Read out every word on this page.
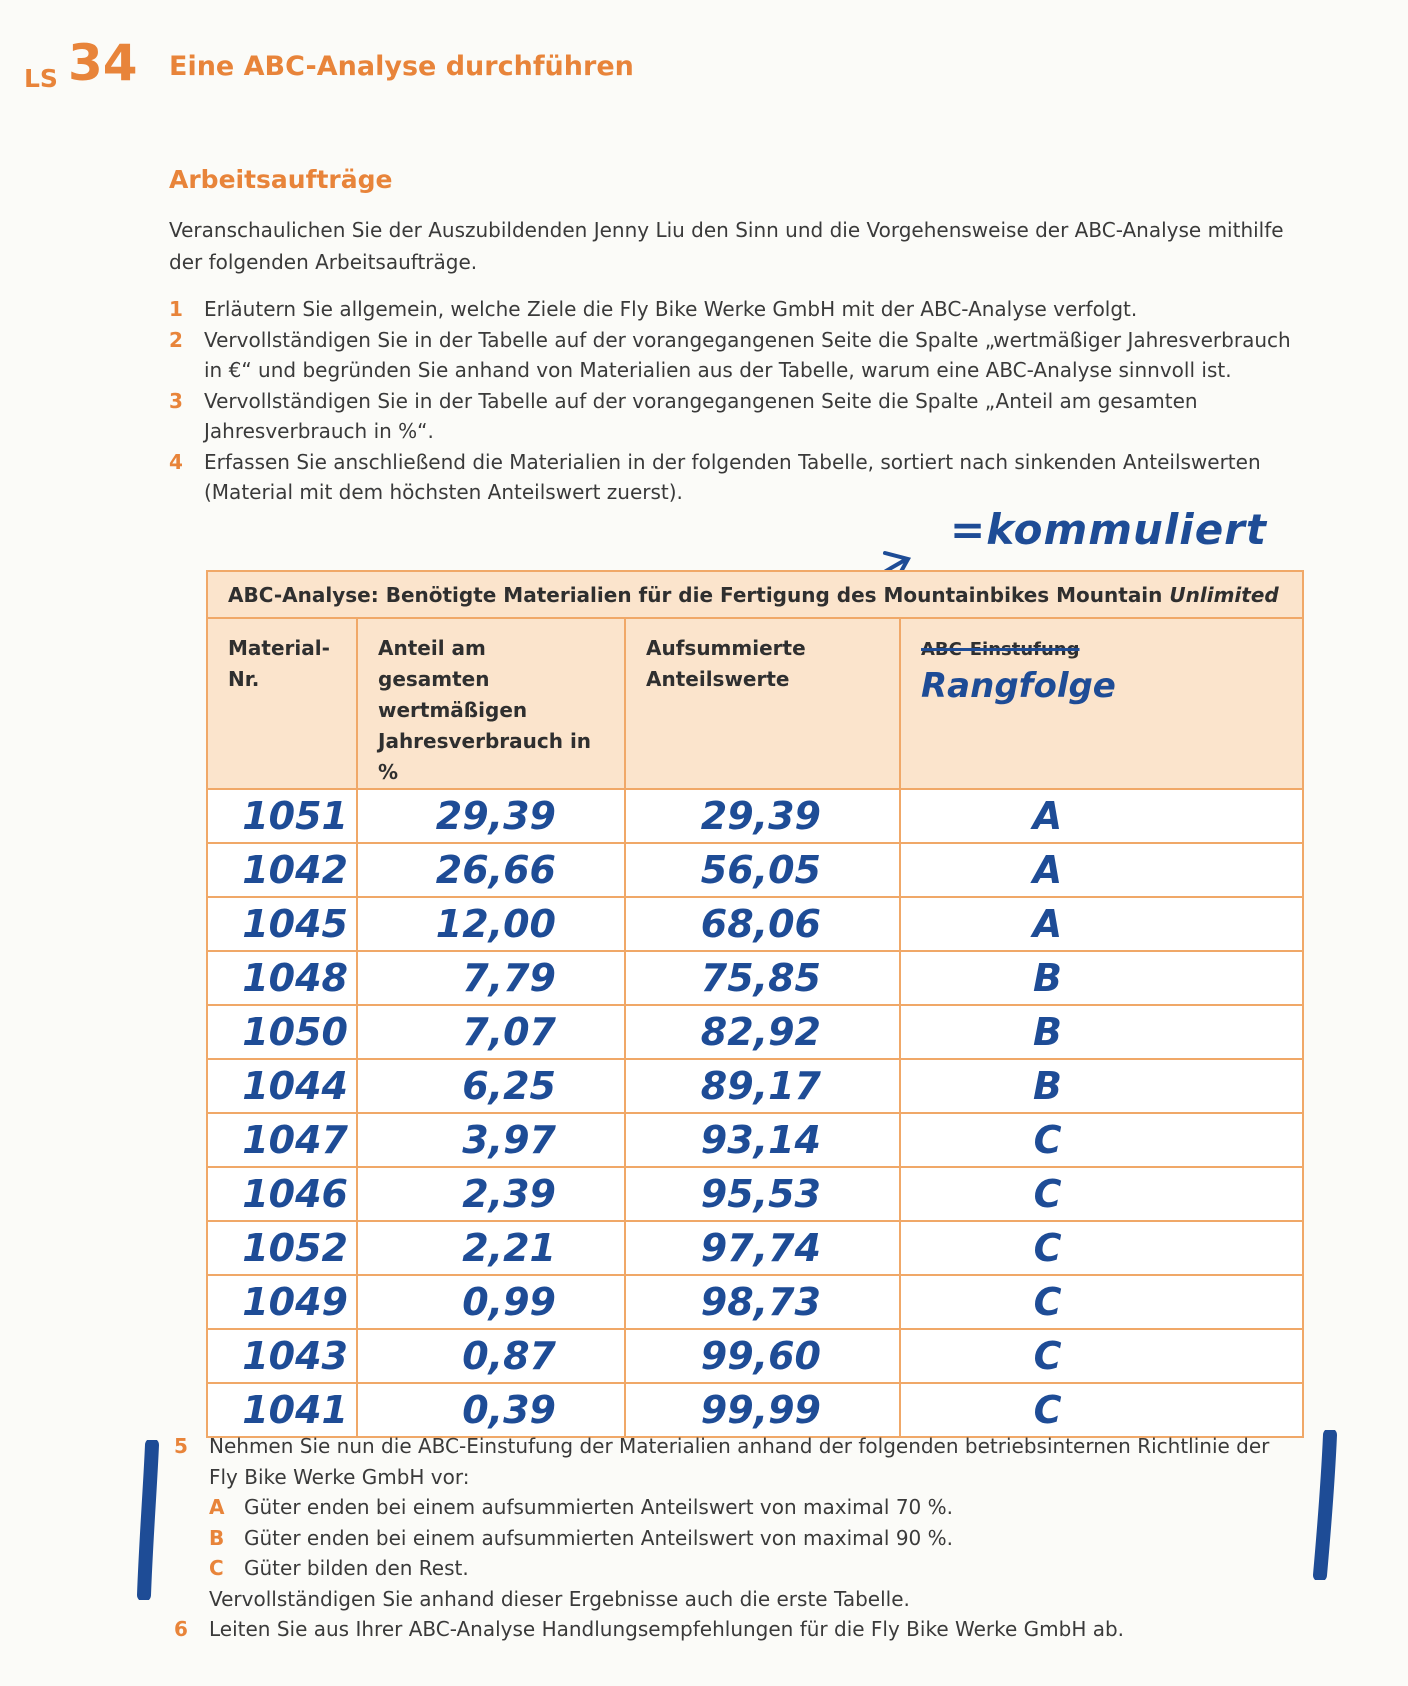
LS 34 Eine ABC-Analyse durchführen
Arbeitsaufträge

Veranschaulichen Sie der Auszubildenden Jenny Liu den Sinn und die Vorgehensweise der ABC-Analyse mithilfe der folgenden Arbeitsaufträge.

1 Erläutern Sie allgemein, welche Ziele die Fly Bike Werke GmbH mit der ABC-Analyse verfolgt.
2 Vervollständigen Sie in der Tabelle auf der vorangegangenen Seite die Spalte „wertmäßiger Jahresverbrauch in €“ und begründen Sie anhand von Materialien aus der Tabelle, warum eine ABC-Analyse sinnvoll ist.
3 Vervollständigen Sie in der Tabelle auf der vorangegangenen Seite die Spalte „Anteil am gesamten Jahresverbrauch in %“.
4 Erfassen Sie anschließend die Materialien in der folgenden Tabelle, sortiert nach sinkenden Anteilswerten (Material mit dem höchsten Anteilswert zuerst).
=kommuliert
ABC-Analyse: Benötigte Materialien für die Fertigung des Mountainbikes Mountain Unlimited			
Material-Nr.	Anteil am gesamten wertmäßigen Jahresverbrauch in %	Aufsummierte Anteilswerte	ABC-Einstufung
Rangfolge

1051	29,39	29,39	A
1042	26,66	56,05	A
1045	12,00	68,06	A
1048	7,79	75,85	B
1050	7,07	82,92	B
1044	6,25	89,17	B
1047	3,97	93,14	C
1046	2,39	95,53	C
1052	2,21	97,74	C
1049	0,99	98,73	C
1043	0,87	99,60	C
1041	0,39	99,99	C
5 Nehmen Sie nun die ABC-Einstufung der Materialien anhand der folgenden betriebsinternen Richtlinie der Fly Bike Werke GmbH vor:
A Güter enden bei einem aufsummierten Anteilswert von maximal 70 %.
B Güter enden bei einem aufsummierten Anteilswert von maximal 90 %.
C Güter bilden den Rest.
Vervollständigen Sie anhand dieser Ergebnisse auch die erste Tabelle.
6 Leiten Sie aus Ihrer ABC-Analyse Handlungsempfehlungen für die Fly Bike Werke GmbH ab.
